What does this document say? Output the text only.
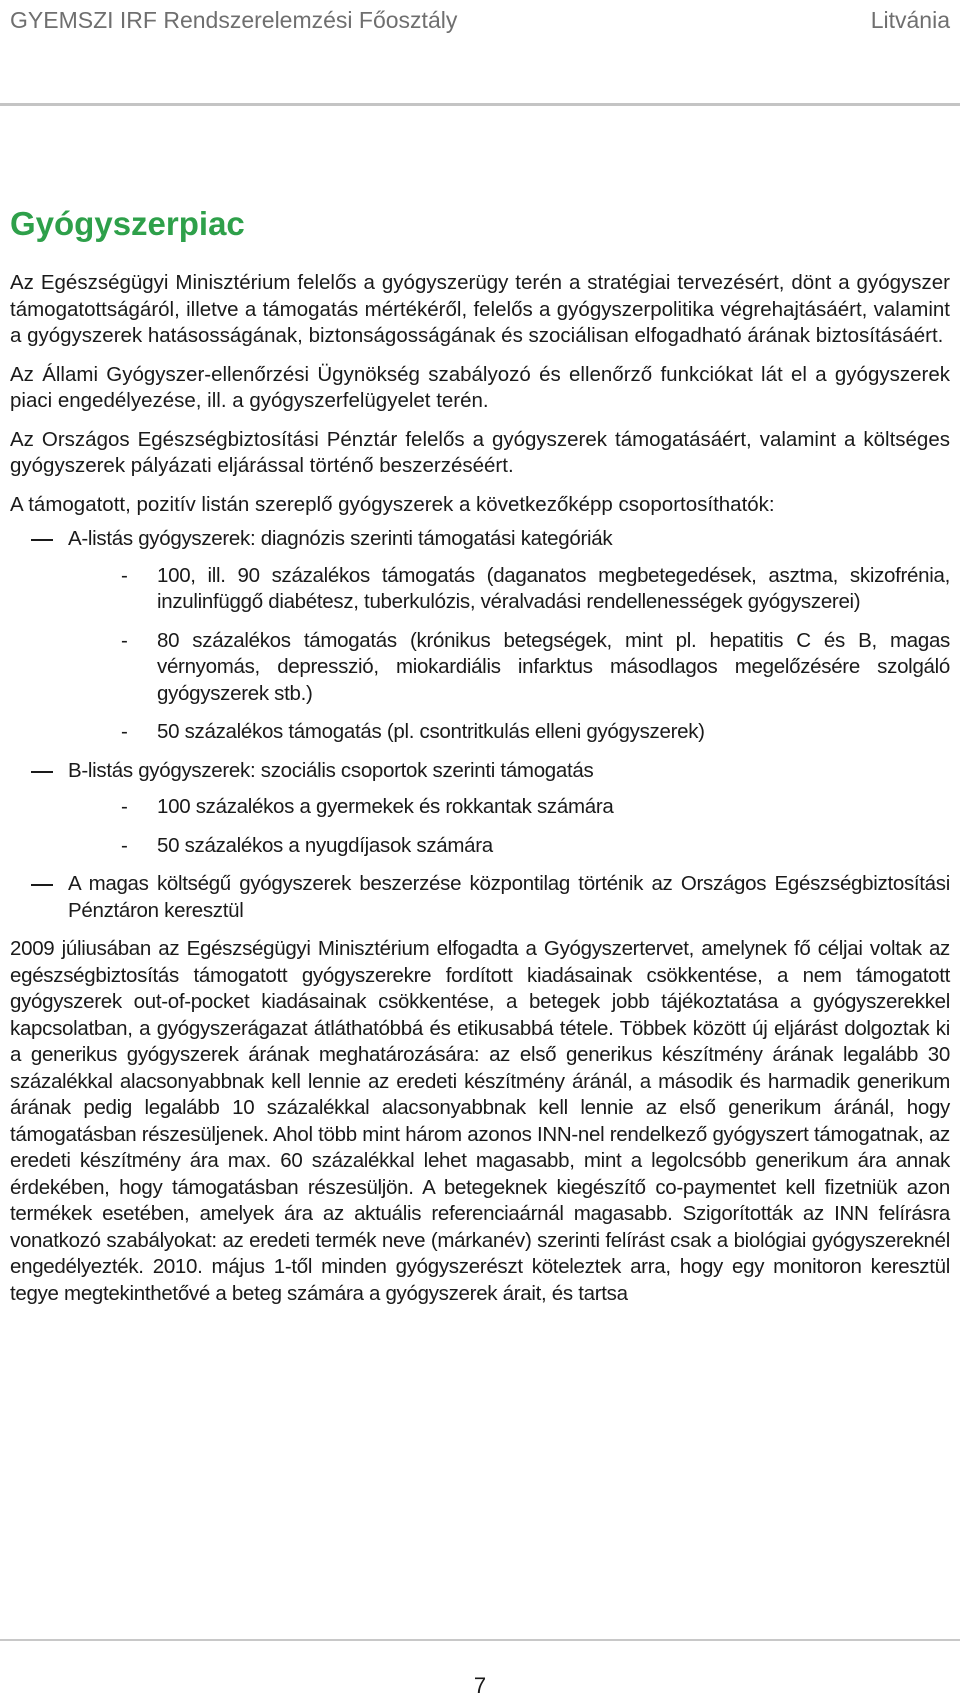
GYEMSZI IRF Rendszerelemzési Főosztály	Litvánia
Gyógyszerpiac

Az Egészségügyi Minisztérium felelős a gyógyszerügy terén a stratégiai tervezésért, dönt a gyógyszer támogatottságáról, illetve a támogatás mértékéről, felelős a gyógyszerpolitika végrehajtásáért, valamint a gyógyszerek hatásosságának, biztonságosságának és szociálisan elfogadható árának biztosításáért.

Az Állami Gyógyszer-ellenőrzési Ügynökség szabályozó és ellenőrző funkciókat lát el a gyógyszerek piaci engedélyezése, ill. a gyógyszerfelügyelet terén.

Az Országos Egészségbiztosítási Pénztár felelős a gyógyszerek támogatásáért, valamint a költséges gyógyszerek pályázati eljárással történő beszerzéséért.

A támogatott, pozitív listán szereplő gyógyszerek a következőképp csoportosíthatók:

A-listás gyógyszerek: diagnózis szerinti támogatási kategóriák
- 100, ill. 90 százalékos támogatás (daganatos megbetegedések, asztma, skizofrénia, inzulinfüggő diabétesz, tuberkulózis, véralvadási rendellenességek gyógyszerei)
- 80 százalékos támogatás (krónikus betegségek, mint pl. hepatitis C és B, magas vérnyomás, depresszió, miokardiális infarktus másodlagos megelőzésére szolgáló gyógyszerek stb.)
- 50 százalékos támogatás (pl. csontritkulás elleni gyógyszerek)
B-listás gyógyszerek: szociális csoportok szerinti támogatás
- 100 százalékos a gyermekek és rokkantak számára
- 50 százalékos a nyugdíjasok számára
A magas költségű gyógyszerek beszerzése központilag történik az Országos Egészségbiztosítási Pénztáron keresztül

2009 júliusában az Egészségügyi Minisztérium elfogadta a Gyógyszertervet, amelynek fő céljai voltak az egészségbiztosítás támogatott gyógyszerekre fordított kiadásainak csökkentése, a nem támogatott gyógyszerek out-of-pocket kiadásainak csökkentése, a betegek jobb tájékoztatása a gyógyszerekkel kapcsolatban, a gyógyszerágazat átláthatóbbá és etikusabbá tétele. Többek között új eljárást dolgoztak ki a generikus gyógyszerek árának meghatározására: az első generikus készítmény árának legalább 30 százalékkal alacsonyabbnak kell lennie az eredeti készítmény áránál, a második és harmadik generikum árának pedig legalább 10 százalékkal alacsonyabbnak kell lennie az első generikum áránál, hogy támogatásban részesüljenek. Ahol több mint három azonos INN-nel rendelkező gyógyszert támogatnak, az eredeti készítmény ára max. 60 százalékkal lehet magasabb, mint a legolcsóbb generikum ára annak érdekében, hogy támogatásban részesüljön. A betegeknek kiegészítő co-paymentet kell fizetniük azon termékek esetében, amelyek ára az aktuális referenciaárnál magasabb. Szigorították az INN felírásra vonatkozó szabályokat: az eredeti termék neve (márkanév) szerinti felírást csak a biológiai gyógyszereknél engedélyezték. 2010. május 1-től minden gyógyszerészt köteleztek arra, hogy egy monitoron keresztül tegye megtekinthetővé a beteg számára a gyógyszerek árait, és tartsa

7
